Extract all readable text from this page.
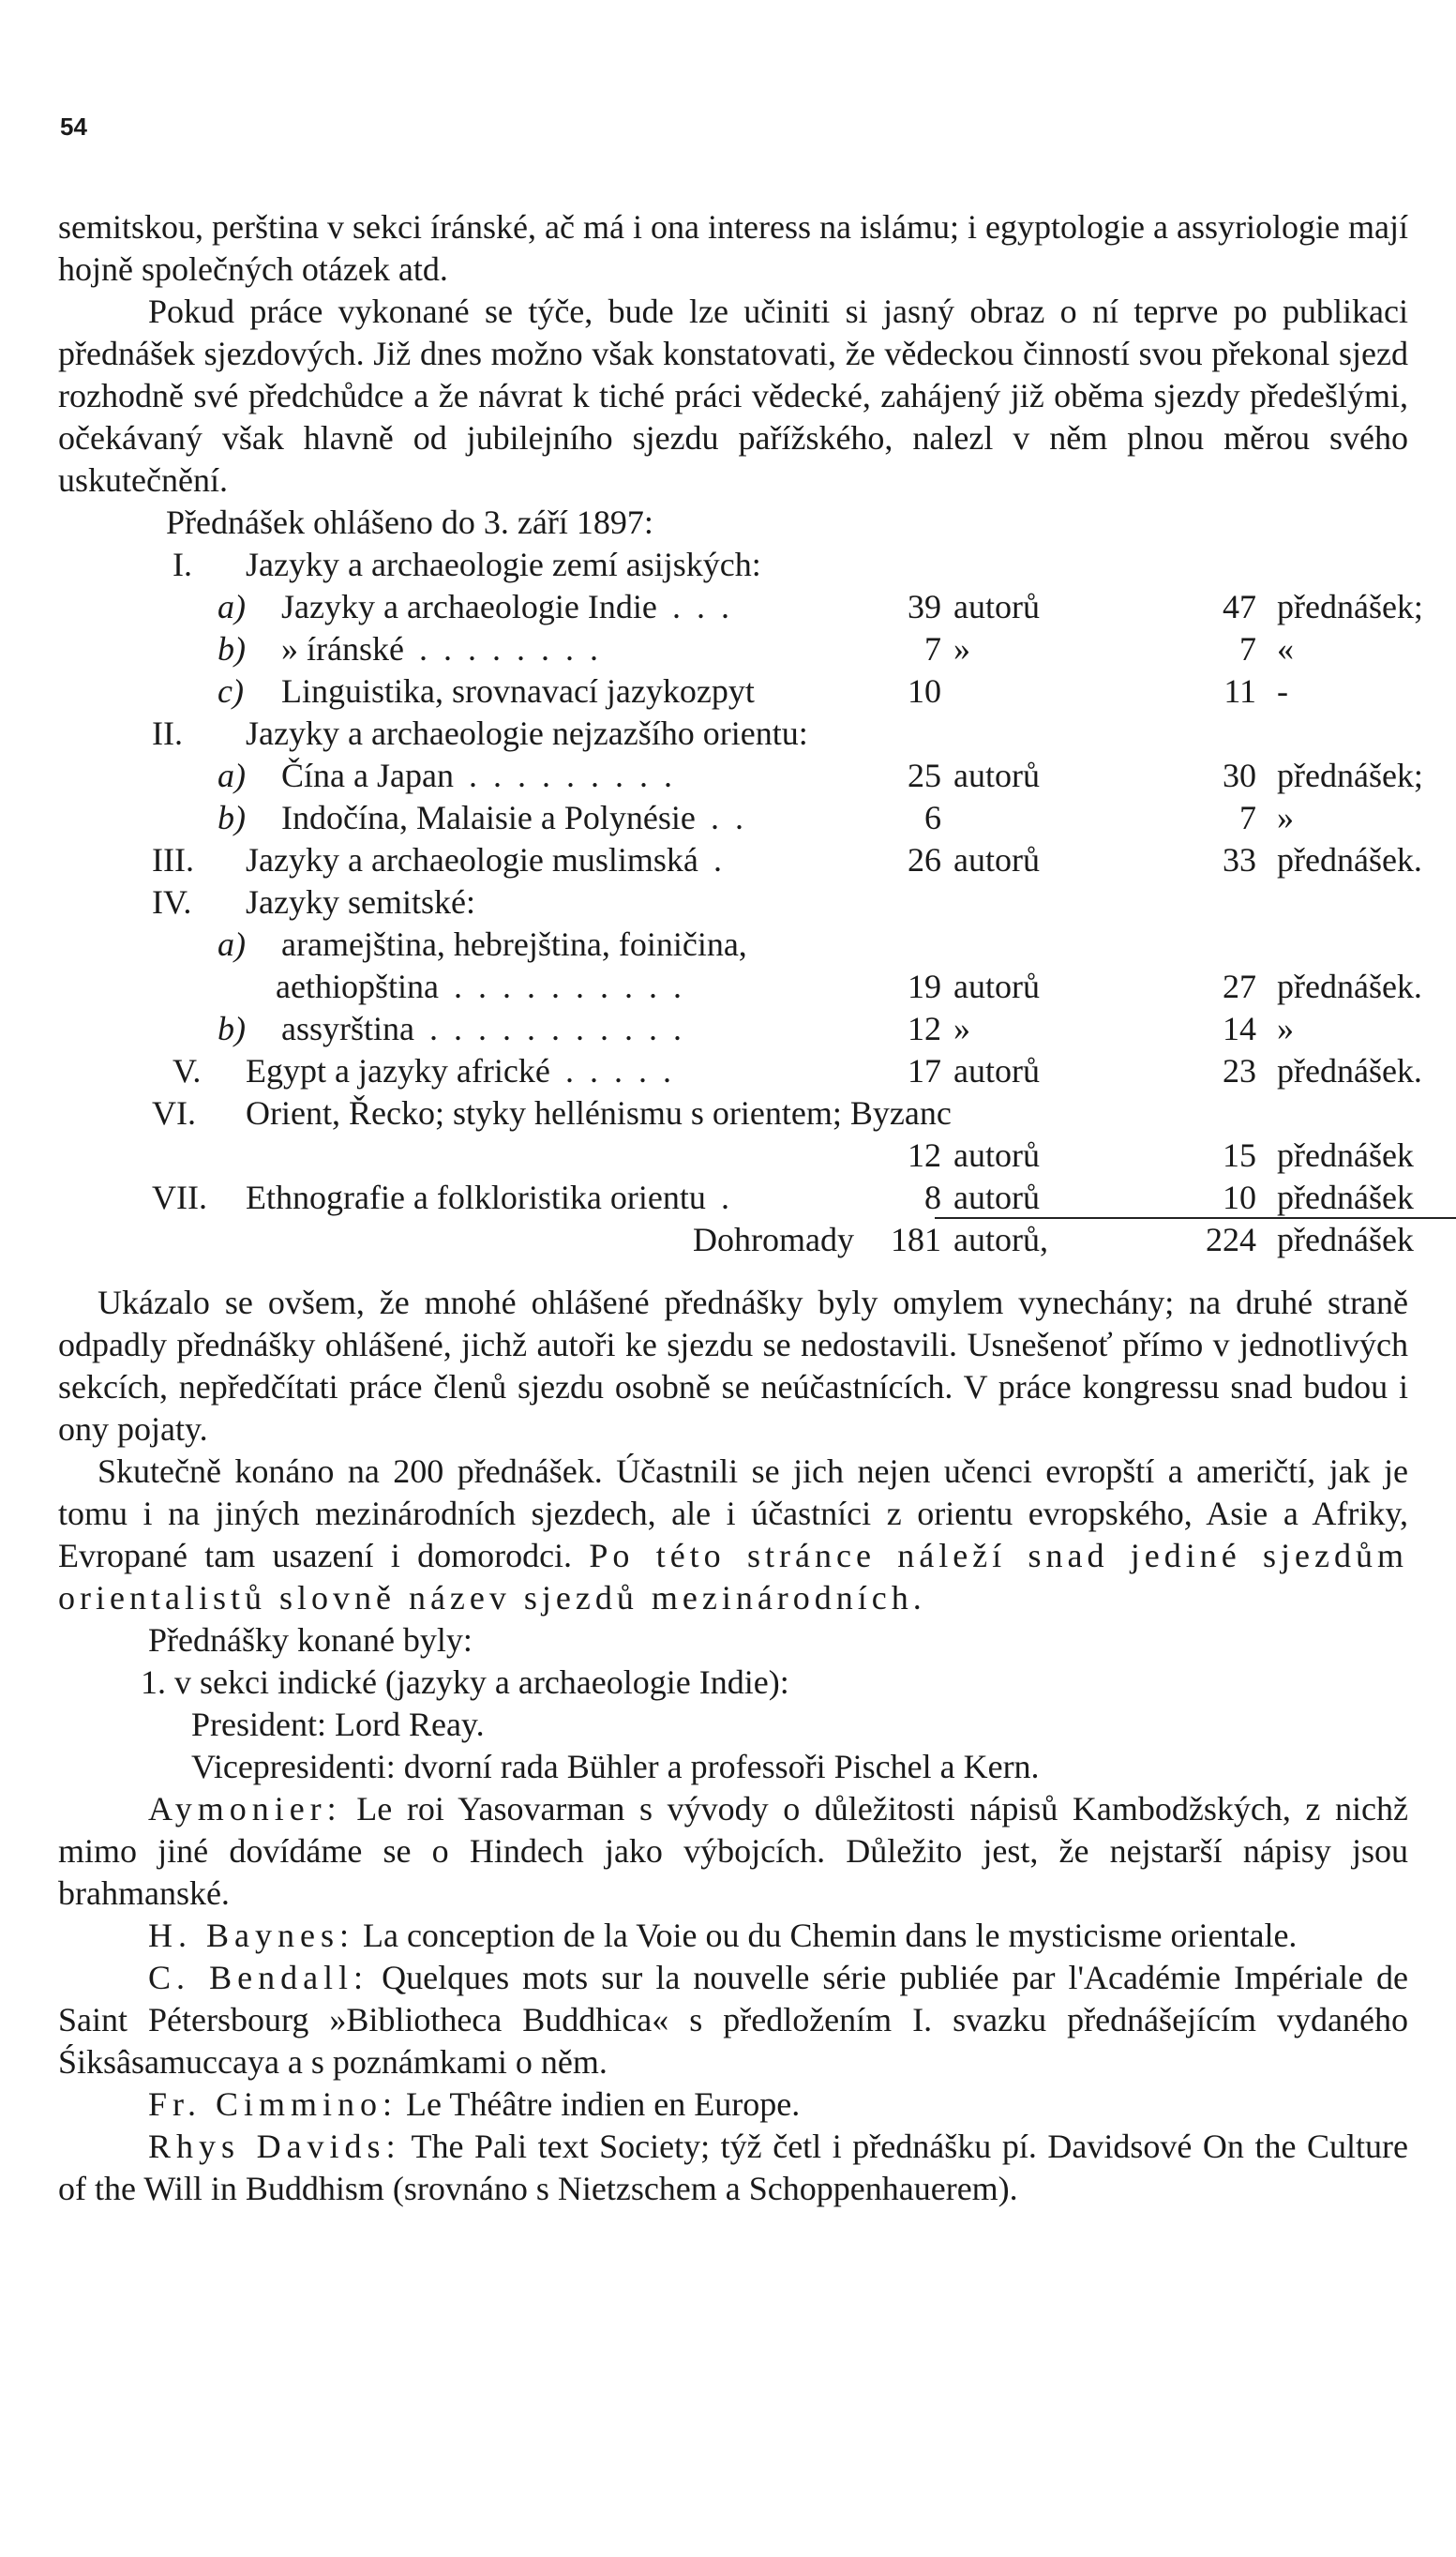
54

semitskou, perština v sekci íránské, ač má i ona interess na islámu; i egyptologie a assyriologie mají hojně společných otázek atd.

Pokud práce vykonané se týče, bude lze učiniti si jasný obraz o ní teprve po publikaci přednášek sjezdových. Již dnes možno však konstatovati, že vědeckou činností svou překonal sjezd rozhodně své předchůdce a že návrat k tiché práci vědecké, zahájený již oběma sjezdy předešlými, očekávaný však hlavně od jubilejního sjezdu pařížského, nalezl v něm plnou měrou svého uskutečnění.

Přednášek ohlášeno do 3. září 1897:

I. Jazyky a archaeologie zemí asijských:
a) Jazyky a archaeologie Indie . . .	39 autorů	47 přednášek;
b) » íránské . . . . . . . .	7 »	7 «
c) Linguistika, srovnavací jazykozpyt	10	11 -
II. Jazyky a archaeologie nejzazšího orientu:
a) Čína a Japan . . . . . . . . .	25 autorů	30 přednášek;
b) Indočína, Malaisie a Polynésie . .	6	7 »
III. Jazyky a archaeologie muslimská .	26 autorů	33 přednášek.
IV. Jazyky semitské:
a) aramejština, hebrejština, foiničina,
aethiopština . . . . . . . . . .	19 autorů	27 přednášek.
b) assyrština . . . . . . . . . . .	12 »	14 »
V. Egypt a jazyky africké . . . . .	17 autorů	23 přednášek.
VI. Orient, Řecko; styky hellénismu s orientem; Byzanc
12 autorů	15 přednášek
VII. Ethnografie a folkloristika orientu .	8 autorů	10 přednášek
Dohromady	181 autorů,	224 přednášek

Ukázalo se ovšem, že mnohé ohlášené přednášky byly omylem vynechány; na druhé straně odpadly přednášky ohlášené, jichž autoři ke sjezdu se nedostavili. Usnešenoť přímo v jednotlivých sekcích, nepředčítati práce členů sjezdu osobně se neúčastnících. V práce kongressu snad budou i ony pojaty.

Skutečně konáno na 200 přednášek. Účastnili se jich nejen učenci evropští a američtí, jak je tomu i na jiných mezinárodních sjezdech, ale i účastníci z orientu evropského, Asie a Afriky, Evropané tam usazení i domorodci. Po této stránce náleží snad jediné sjezdům orientalistů slovně název sjezdů mezinárodních.

Přednášky konané byly:

1. v sekci indické (jazyky a archaeologie Indie):
President: Lord Reay.
Vicepresidenti: dvorní rada Bühler a professoři Pischel a Kern.

Aymonier: Le roi Yasovarman s vývody o důležitosti nápisů Kambodžských, z nichž mimo jiné dovídáme se o Hindech jako výbojcích. Důležito jest, že nejstarší nápisy jsou brahmanské.

H. Baynes: La conception de la Voie ou du Chemin dans le mysticisme orientale.

C. Bendall: Quelques mots sur la nouvelle série publiée par l'Académie Impériale de Saint Pétersbourg »Bibliotheca Buddhica« s předložením I. svazku přednášejícím vydaného Śiksâsamuccaya a s poznámkami o něm.

Fr. Cimmino: Le Théâtre indien en Europe.

Rhys Davids: The Pali text Society; týž četl i přednášku pí. Davidsové On the Culture of the Will in Buddhism (srovnáno s Nietzschem a Schoppenhauerem).
